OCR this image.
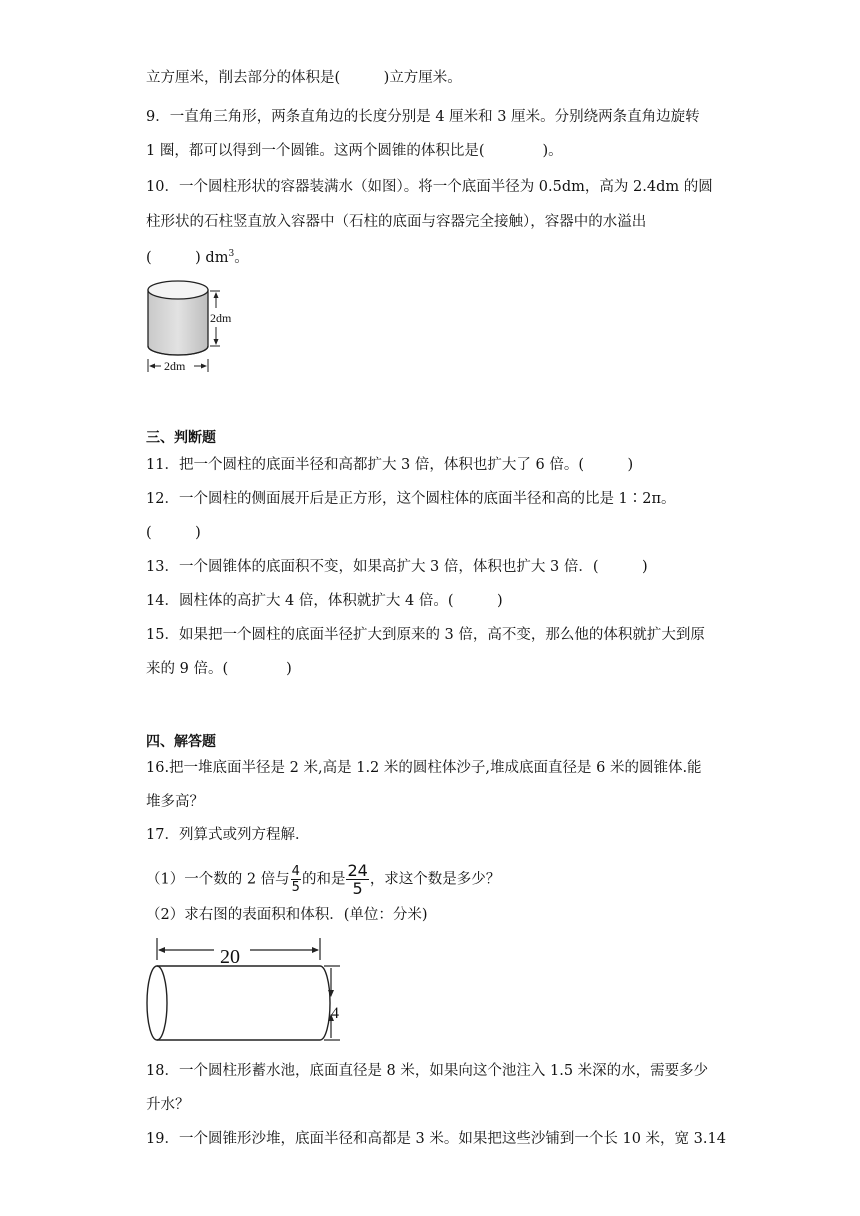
立方厘米，削去部分的体积是(　　　)立方厘米。
9．一直角三角形，两条直角边的长度分别是 4 厘米和 3 厘米。分别绕两条直角边旋转
1 圈，都可以得到一个圆锥。这两个圆锥的体积比是(　　　　)。
10．一个圆柱形状的容器装满水（如图）。将一个底面半径为 0.5dm，高为 2.4dm 的圆
柱形状的石柱竖直放入容器中（石柱的底面与容器完全接触），容器中的水溢出
(　　　) $dm^3$。
2dm
2dm
三、判断题
11．把一个圆柱的底面半径和高都扩大 3 倍，体积也扩大了 6 倍。(　　　)
12．一个圆柱的侧面展开后是正方形，这个圆柱体的底面半径和高的比是 1∶2π。
(　　　)
13．一个圆锥体的底面积不变，如果高扩大 3 倍，体积也扩大 3 倍．(　　　)
14．圆柱体的高扩大 4 倍，体积就扩大 4 倍。(　　　)
15．如果把一个圆柱的底面半径扩大到原来的 3 倍，高不变，那么他的体积就扩大到原
来的 9 倍。(　　　　)
四、解答题
16.把一堆底面半径是 2 米,高是 1.2 米的圆柱体沙子,堆成底面直径是 6 米的圆锥体.能
堆多高？
17．列算式或列方程解．
（1）一个数的 2 倍与 $\frac{4}{5}$ 的和是 $\frac{24}{5}$ ，求这个数是多少？
（2）求右图的表面积和体积．(单位：分米)
20
4
18．一个圆柱形蓄水池，底面直径是 8 米，如果向这个池注入 1.5 米深的水，需要多少
升水？
19．一个圆锥形沙堆，底面半径和高都是 3 米。如果把这些沙铺到一个长 10 米，宽 3.14
